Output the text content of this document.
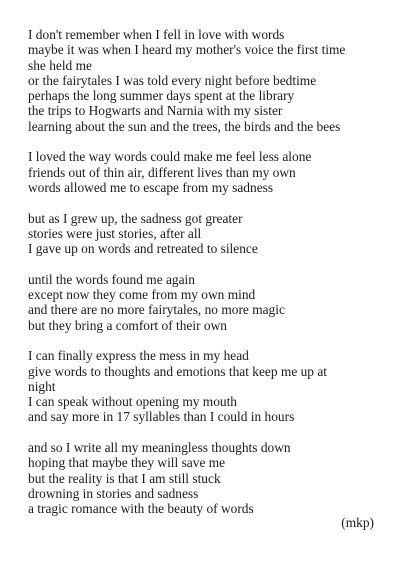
I don't remember when I fell in love with words
maybe it was when I heard my mother's voice the first time
she held me
or the fairytales I was told every night before bedtime
perhaps the long summer days spent at the library
the trips to Hogwarts and Narnia with my sister
learning about the sun and the trees, the birds and the bees
I loved the way words could make me feel less alone
friends out of thin air, different lives than my own
words allowed me to escape from my sadness
but as I grew up, the sadness got greater
stories were just stories, after all
I gave up on words and retreated to silence
until the words found me again
except now they come from my own mind
and there are no more fairytales, no more magic
but they bring a comfort of their own
I can finally express the mess in my head
give words to thoughts and emotions that keep me up at
night
I can speak without opening my mouth
and say more in 17 syllables than I could in hours
and so I write all my meaningless thoughts down
hoping that maybe they will save me
but the reality is that I am still stuck
drowning in stories and sadness
a tragic romance with the beauty of words
(mkp)
